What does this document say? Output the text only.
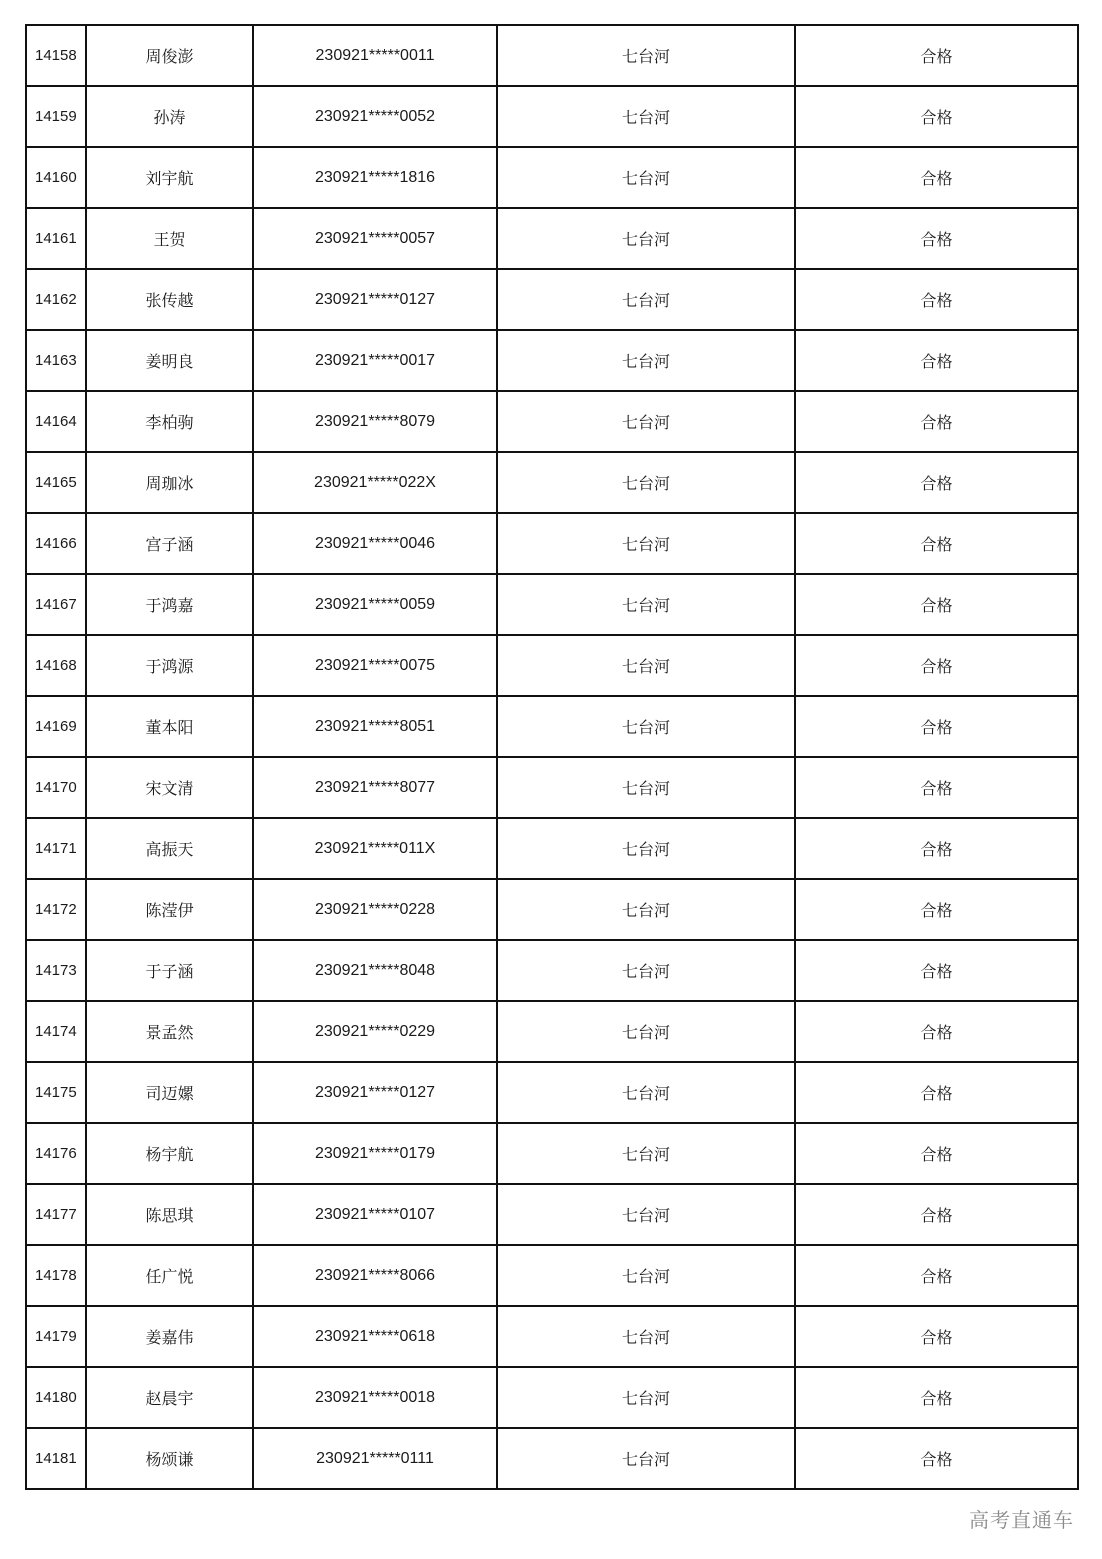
14158	周俊澎	230921*****0011	七台河	合格
14159	孙涛	230921*****0052	七台河	合格
14160	刘宇航	230921*****1816	七台河	合格
14161	王贺	230921*****0057	七台河	合格
14162	张传越	230921*****0127	七台河	合格
14163	姜明良	230921*****0017	七台河	合格
14164	李柏驹	230921*****8079	七台河	合格
14165	周珈冰	230921*****022X	七台河	合格
14166	宫子涵	230921*****0046	七台河	合格
14167	于鸿嘉	230921*****0059	七台河	合格
14168	于鸿源	230921*****0075	七台河	合格
14169	董本阳	230921*****8051	七台河	合格
14170	宋文清	230921*****8077	七台河	合格
14171	高振天	230921*****011X	七台河	合格
14172	陈滢伊	230921*****0228	七台河	合格
14173	于子涵	230921*****8048	七台河	合格
14174	景孟然	230921*****0229	七台河	合格
14175	司迈嫘	230921*****0127	七台河	合格
14176	杨宇航	230921*****0179	七台河	合格
14177	陈思琪	230921*****0107	七台河	合格
14178	任广悦	230921*****8066	七台河	合格
14179	姜嘉伟	230921*****0618	七台河	合格
14180	赵晨宇	230921*****0018	七台河	合格
14181	杨颂谦	230921*****0111	七台河	合格
高考直通车
